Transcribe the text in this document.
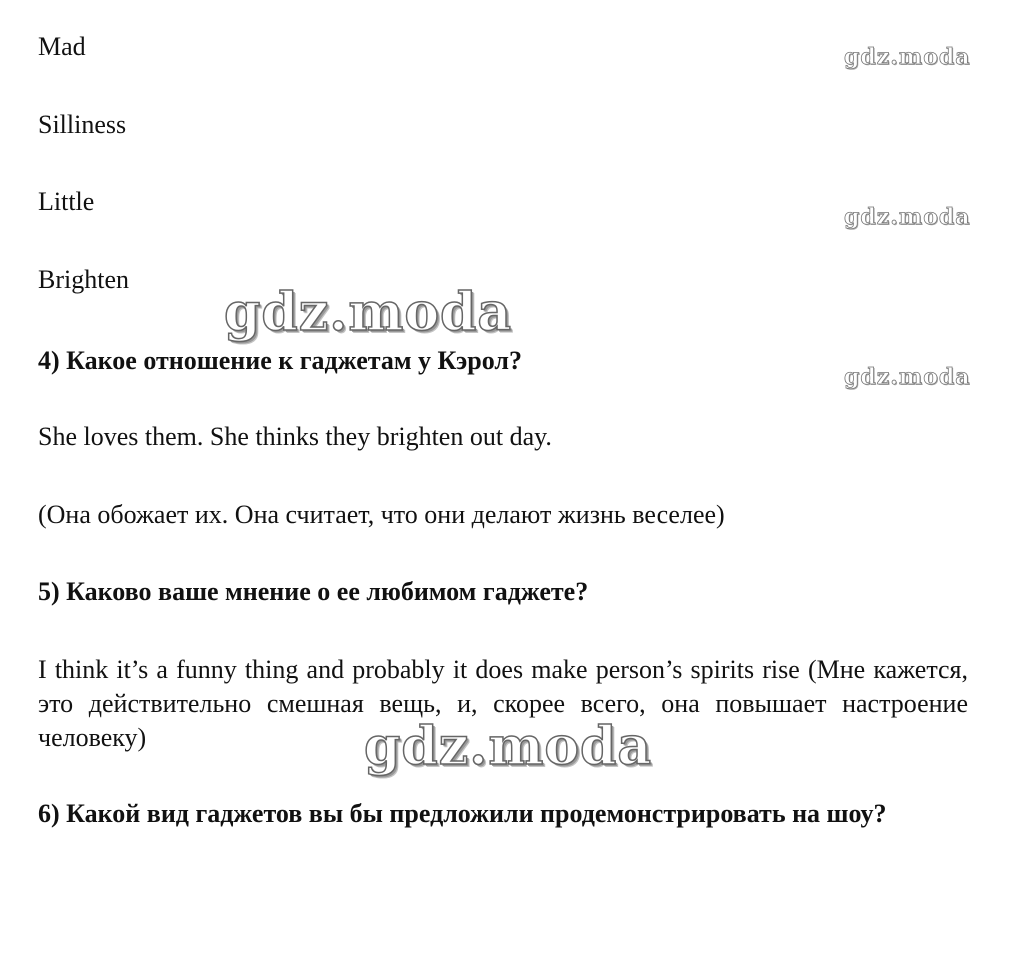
Mad
Silliness
Little
Brighten
4) Какое отношение к гаджетам у Кэрол?
She loves them. She thinks they brighten out day.
(Она обожает их. Она считает, что они делают жизнь веселее)
5) Каково ваше мнение о ее любимом гаджете?
I think it’s a funny thing and probably it does make person’s spirits rise (Мне кажется, это действительно смешная вещь, и, скорее всего, она повышает настроение человеку)
6) Какой вид гаджетов вы бы предложили продемонстрировать на шоу?
gdz.moda
gdz.moda
gdz.moda
gdz.moda
gdz.moda
